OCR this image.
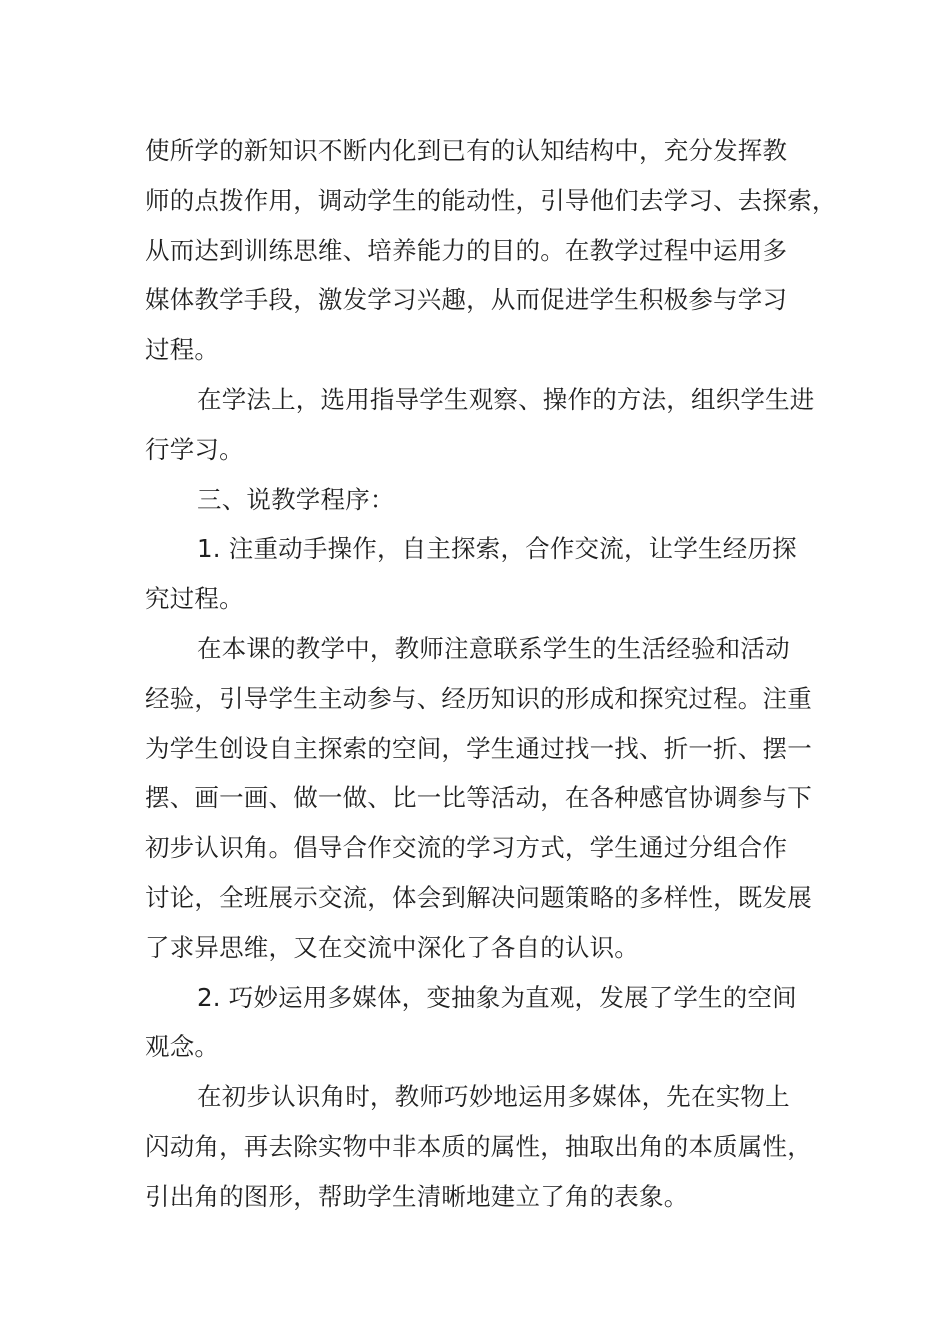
使所学的新知识不断内化到已有的认知结构中，充分发挥教
师的点拨作用，调动学生的能动性，引导他们去学习、去探索，
从而达到训练思维、培养能力的目的。在教学过程中运用多
媒体教学手段，激发学习兴趣，从而促进学生积极参与学习
过程。
在学法上，选用指导学生观察、操作的方法，组织学生进
行学习。
三、说教学程序：
1. 注重动手操作，自主探索，合作交流，让学生经历探
究过程。
在本课的教学中，教师注意联系学生的生活经验和活动
经验，引导学生主动参与、经历知识的形成和探究过程。注重
为学生创设自主探索的空间，学生通过找一找、折一折、摆一
摆、画一画、做一做、比一比等活动，在各种感官协调参与下
初步认识角。倡导合作交流的学习方式，学生通过分组合作
讨论，全班展示交流，体会到解决问题策略的多样性，既发展
了求异思维，又在交流中深化了各自的认识。
2. 巧妙运用多媒体，变抽象为直观，发展了学生的空间
观念。
在初步认识角时，教师巧妙地运用多媒体，先在实物上
闪动角，再去除实物中非本质的属性，抽取出角的本质属性，
引出角的图形，帮助学生清晰地建立了角的表象。
